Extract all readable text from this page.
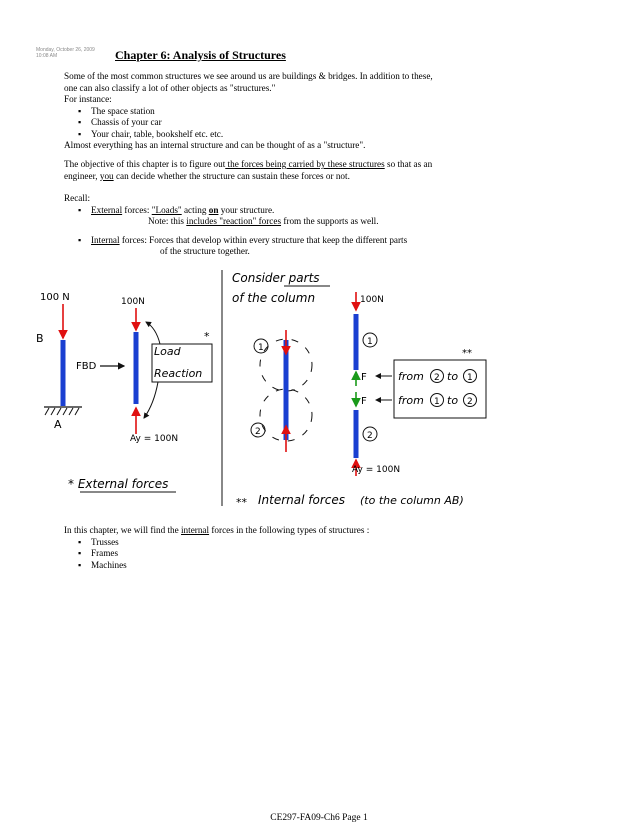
Monday, October 26, 2009
10:08 AM	Chapter 6: Analysis of Structures
Some of the most common structures we see around us are buildings & bridges. In addition to these,
one can also classify a lot of other objects as "structures."
For instance:
▪ The space station
▪ Chassis of your car
▪ Your chair, table, bookshelf etc. etc.
Almost everything has an internal structure and can be thought of as a "structure".
The objective of this chapter is to figure out the forces being carried by these structures so that as an
engineer, you can decide whether the structure can sustain these forces or not.
Recall:
▪ External forces: "Loads" acting on your structure.
Note: this includes "reaction" forces from the supports as well.
▪ Internal forces: Forces that develop within every structure that keep the different parts
of the structure together.
100 N
B
A
FBD
100N
Ay = 100N
Load
Reaction
*
* External forces
Consider parts
of the column
1
2
100N
Ay = 100N
1
2
F
F
**
from 2 to 1
from 1 to 2
** Internal forces (to the column AB)
In this chapter, we will find the internal forces in the following types of structures :
▪ Trusses
▪ Frames
▪ Machines
CE297-FA09-Ch6 Page 1
